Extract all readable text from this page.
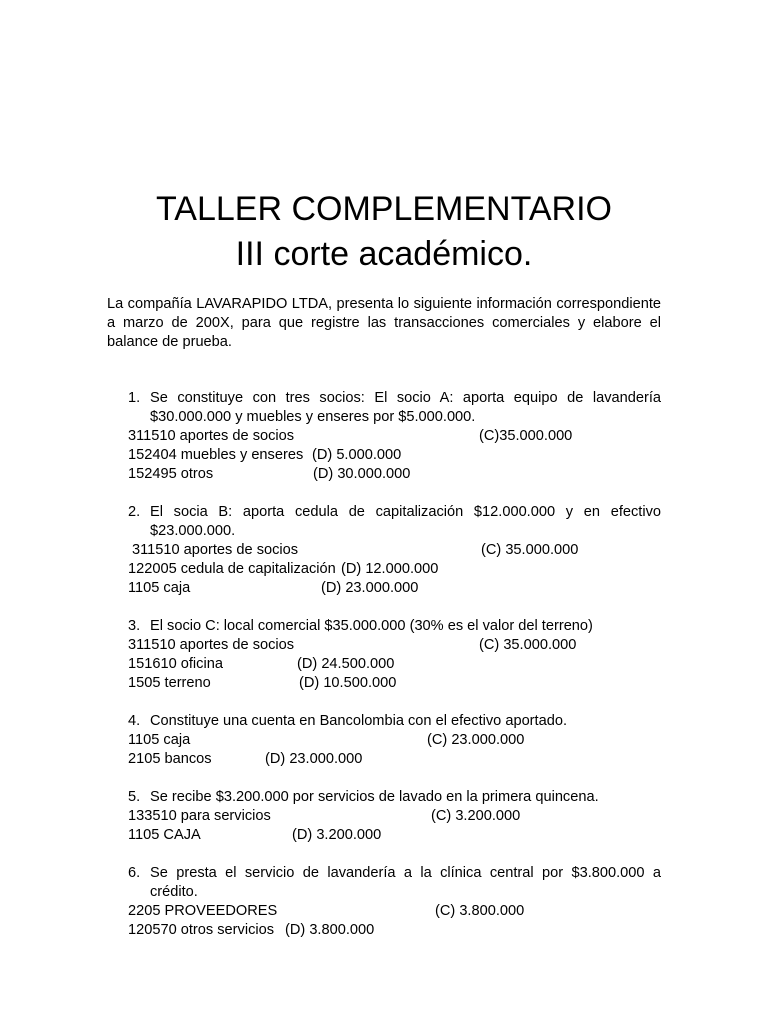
TALLER COMPLEMENTARIO
III corte académico.

La compañía LAVARAPIDO LTDA, presenta lo siguiente información correspondiente a marzo de 200X, para que registre las transacciones comerciales y elabore el balance de prueba.

1. Se constituye con tres socios: El socio A: aporta equipo de lavandería $30.000.000 y muebles y enseres por $5.000.000.

311510 aportes de socios	(C)35.000.000
152404 muebles y enseres (D) 5.000.000
152495 otros	(D) 30.000.000
2. El socia B: aporta cedula de capitalización $12.000.000 y en efectivo $23.000.000.

311510 aportes de socios	(C) 35.000.000
122005 cedula de capitalización (D) 12.000.000
1105 caja	(D) 23.000.000
3. El socio C: local comercial $35.000.000 (30% es el valor del terreno)

311510 aportes de socios	(C) 35.000.000
151610 oficina	(D) 24.500.000
1505 terreno	(D) 10.500.000
4. Constituye una cuenta en Bancolombia con el efectivo aportado.

1105 caja	(C) 23.000.000
2105 bancos	(D) 23.000.000
5. Se recibe $3.200.000 por servicios de lavado en la primera quincena.

133510 para servicios	(C) 3.200.000
1105 CAJA	(D) 3.200.000
6. Se presta el servicio de lavandería a la clínica central por $3.800.000 a crédito.

2205 PROVEEDORES	(C) 3.800.000
120570 otros servicios (D) 3.800.000
